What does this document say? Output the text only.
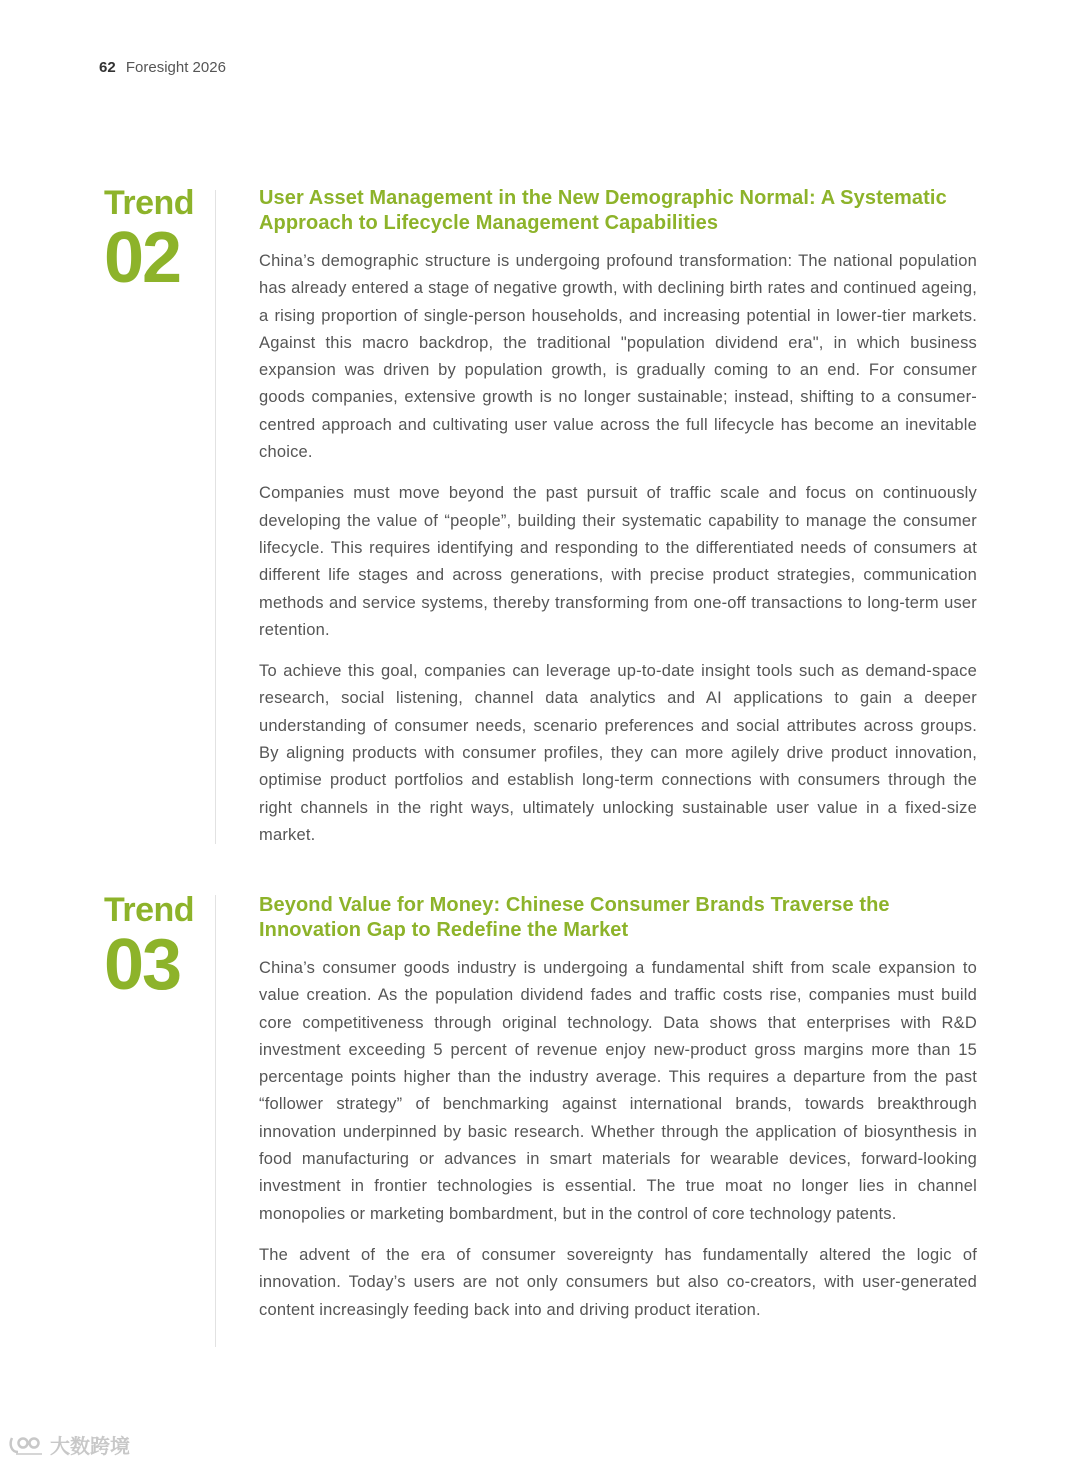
62 Foresight 2026
Trend
02
User Asset Management in the New Demographic Normal: A Systematic Approach to Lifecycle Management Capabilities

China’s demographic structure is undergoing profound transformation: The national population has already entered a stage of negative growth, with declining birth rates and continued ageing, a rising proportion of single-person households, and increasing potential in lower-tier markets. Against this macro backdrop, the traditional "population dividend era", in which business expansion was driven by population growth, is gradually coming to an end. For consumer goods companies, extensive growth is no longer sustainable; instead, shifting to a consumer-centred approach and cultivating user value across the full lifecycle has become an inevitable choice.

Companies must move beyond the past pursuit of traffic scale and focus on continuously developing the value of “people”, building their systematic capability to manage the consumer lifecycle. This requires identifying and responding to the differentiated needs of consumers at different life stages and across generations, with precise product strategies, communication methods and service systems, thereby transforming from one-off transactions to long-term user retention.

To achieve this goal, companies can leverage up-to-date insight tools such as demand-space research, social listening, channel data analytics and AI applications to gain a deeper understanding of consumer needs, scenario preferences and social attributes across groups. By aligning products with consumer profiles, they can more agilely drive product innovation, optimise product portfolios and establish long-term connections with consumers through the right channels in the right ways, ultimately unlocking sustainable user value in a fixed-size market.

Trend
03
Beyond Value for Money: Chinese Consumer Brands Traverse the Innovation Gap to Redefine the Market

China’s consumer goods industry is undergoing a fundamental shift from scale expansion to value creation. As the population dividend fades and traffic costs rise, companies must build core competitiveness through original technology. Data shows that enterprises with R&D investment exceeding 5 percent of revenue enjoy new-product gross margins more than 15 percentage points higher than the industry average. This requires a departure from the past “follower strategy” of benchmarking against international brands, towards breakthrough innovation underpinned by basic research. Whether through the application of biosynthesis in food manufacturing or advances in smart materials for wearable devices, forward-looking investment in frontier technologies is essential. The true moat no longer lies in channel monopolies or marketing bombardment, but in the control of core technology patents.

The advent of the era of consumer sovereignty has fundamentally altered the logic of innovation. Today’s users are not only consumers but also co-creators, with user-generated content increasingly feeding back into and driving product iteration.

大数跨境
